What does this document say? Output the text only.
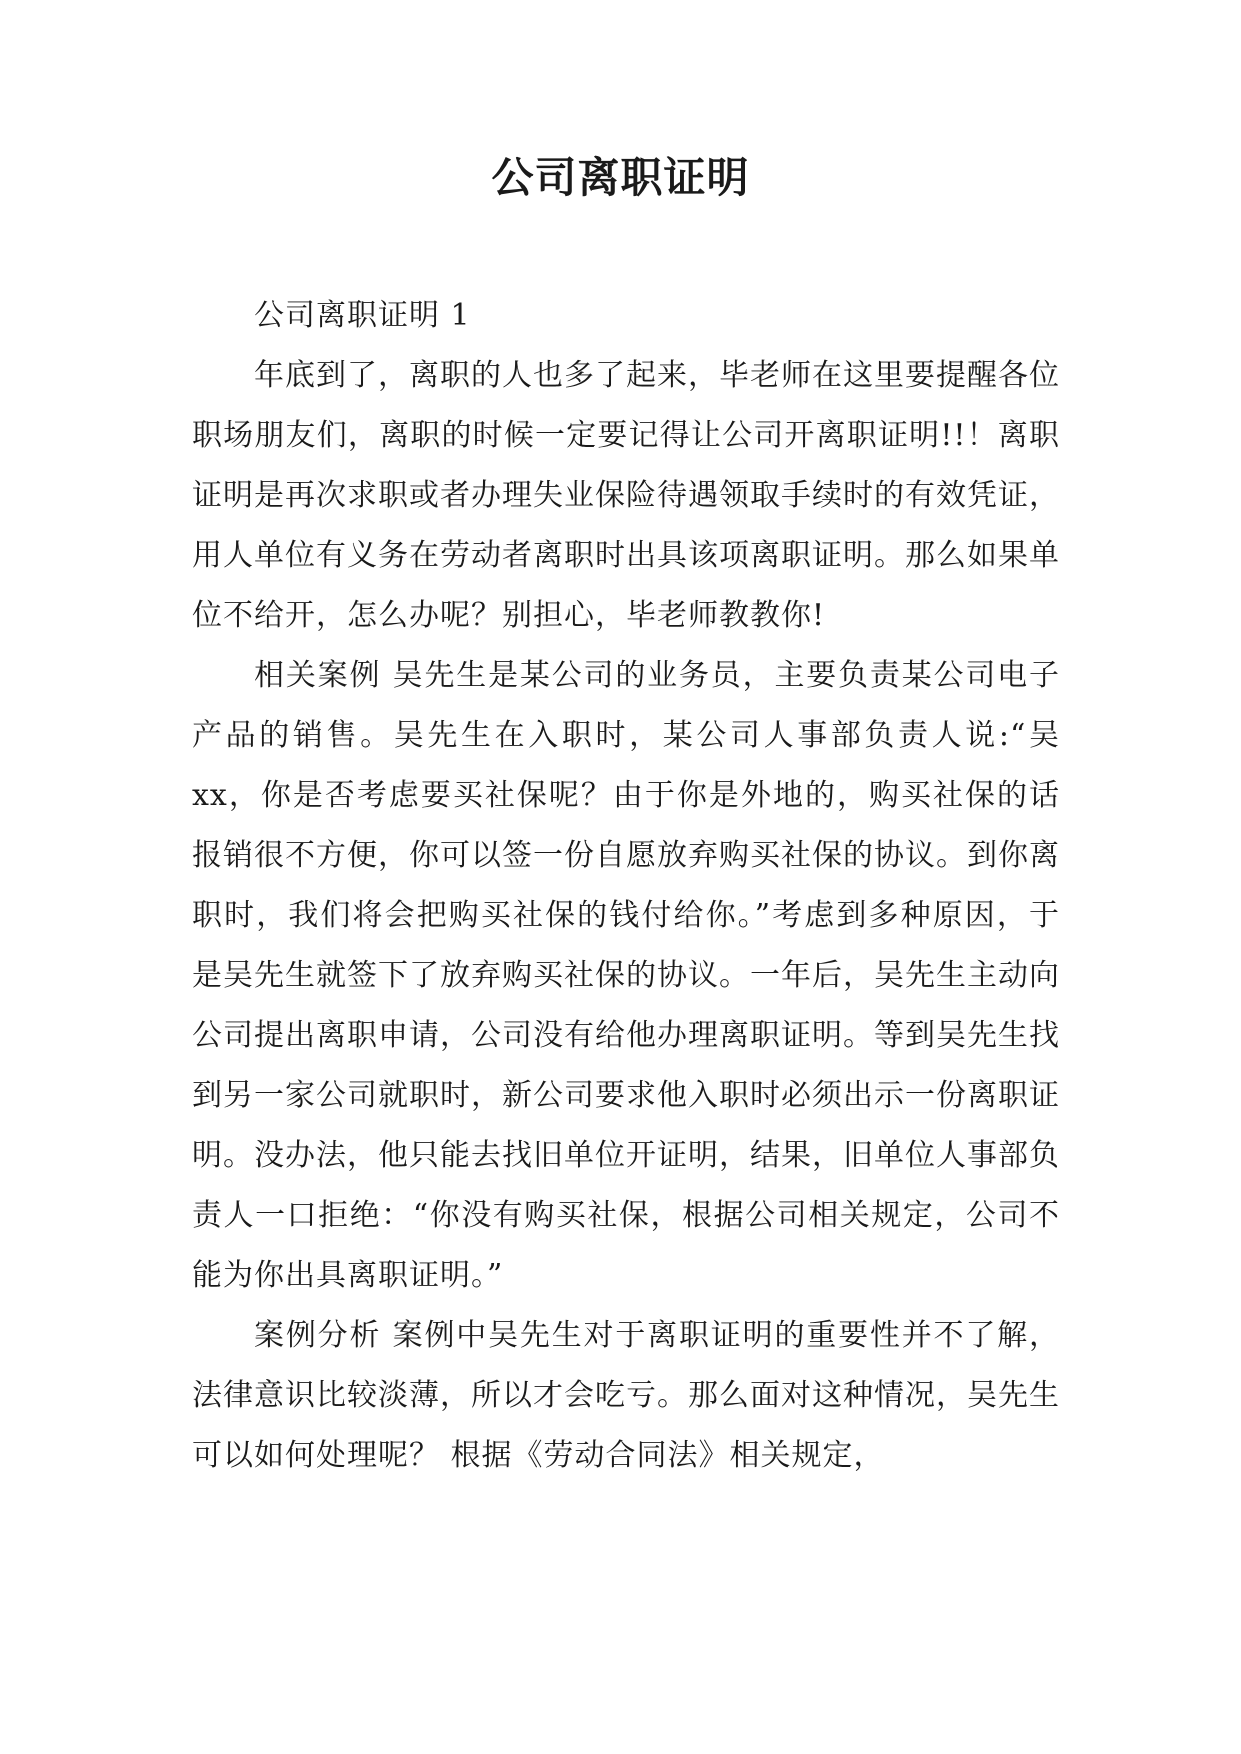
公司离职证明

公司离职证明 1

年底到了，离职的人也多了起来，毕老师在这里要提醒各位职场朋友们，离职的时候一定要记得让公司开离职证明!!！离职证明是再次求职或者办理失业保险待遇领取手续时的有效凭证，用人单位有义务在劳动者离职时出具该项离职证明。那么如果单位不给开，怎么办呢？别担心，毕老师教教你!

相关案例 吴先生是某公司的业务员，主要负责某公司电子产品的销售。吴先生在入职时，某公司人事部负责人说:“吴 xx，你是否考虑要买社保呢？由于你是外地的，购买社保的话报销很不方便，你可以签一份自愿放弃购买社保的协议。到你离职时，我们将会把购买社保的钱付给你。”考虑到多种原因，于是吴先生就签下了放弃购买社保的协议。一年后，吴先生主动向公司提出离职申请，公司没有给他办理离职证明。等到吴先生找到另一家公司就职时，新公司要求他入职时必须出示一份离职证明。没办法，他只能去找旧单位开证明，结果，旧单位人事部负责人一口拒绝：“你没有购买社保，根据公司相关规定，公司不能为你出具离职证明。”

案例分析 案例中吴先生对于离职证明的重要性并不了解，法律意识比较淡薄，所以才会吃亏。那么面对这种情况，吴先生可以如何处理呢？ 根据《劳动合同法》相关规定，
